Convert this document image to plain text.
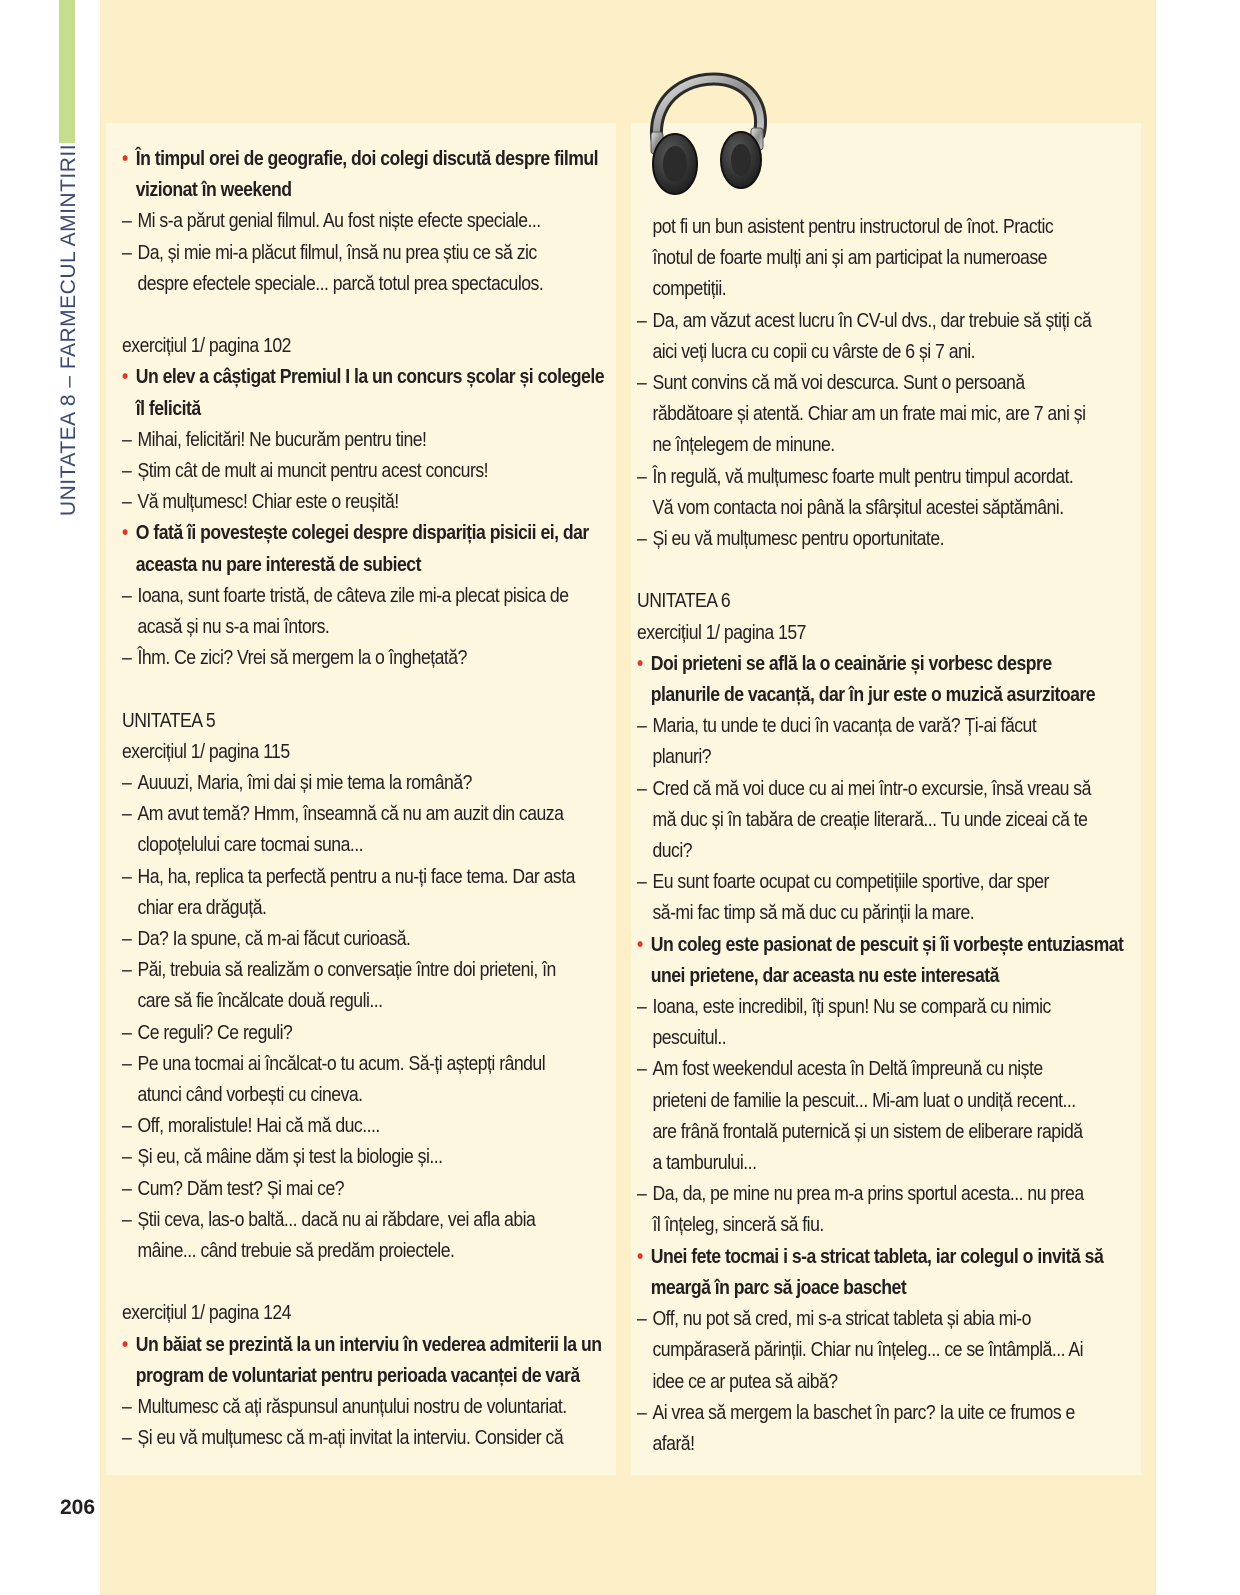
UNITATEA 8 – FARMECUL AMINTIRII
206
• În timpul orei de geografie, doi colegi discută despre filmul
vizionat în weekend
– Mi s-a părut genial filmul. Au fost niște efecte speciale...
– Da, și mie mi-a plăcut filmul, însă nu prea știu ce să zic
despre efectele speciale... parcă totul prea spectaculos.
exercițiul 1/ pagina 102
• Un elev a câștigat Premiul I la un concurs școlar și colegele
îl felicită
– Mihai, felicitări! Ne bucurăm pentru tine!
– Știm cât de mult ai muncit pentru acest concurs!
– Vă mulțumesc! Chiar este o reușită!
• O fată îi povestește colegei despre dispariția pisicii ei, dar
aceasta nu pare interestă de subiect
– Ioana, sunt foarte tristă, de câteva zile mi-a plecat pisica de
acasă și nu s-a mai întors.
– Îhm. Ce zici? Vrei să mergem la o înghețată?
UNITATEA 5
exercițiul 1/ pagina 115
– Auuuzi, Maria, îmi dai și mie tema la română?
– Am avut temă? Hmm, înseamnă că nu am auzit din cauza
clopoțelului care tocmai suna...
– Ha, ha, replica ta perfectă pentru a nu-ți face tema. Dar asta
chiar era drăguță.
– Da? Ia spune, că m-ai făcut curioasă.
– Păi, trebuia să realizăm o conversație între doi prieteni, în
care să fie încălcate două reguli...
– Ce reguli? Ce reguli?
– Pe una tocmai ai încălcat-o tu acum. Să-ți aștepți rândul
atunci când vorbești cu cineva.
– Off, moralistule! Hai că mă duc....
– Și eu, că mâine dăm și test la biologie și...
– Cum? Dăm test? Și mai ce?
– Știi ceva, las-o baltă... dacă nu ai răbdare, vei afla abia
mâine... când trebuie să predăm proiectele.
exercițiul 1/ pagina 124
• Un băiat se prezintă la un interviu în vederea admiterii la un
program de voluntariat pentru perioada vacanței de vară
– Multumesc că ați răspunsul anunțului nostru de voluntariat.
– Și eu vă mulțumesc că m-ați invitat la interviu. Consider că
pot fi un bun asistent pentru instructorul de înot. Practic
înotul de foarte mulți ani și am participat la numeroase
competiții.
– Da, am văzut acest lucru în CV-ul dvs., dar trebuie să știți că
aici veți lucra cu copii cu vârste de 6 și 7 ani.
– Sunt convins că mă voi descurca. Sunt o persoană
răbdătoare și atentă. Chiar am un frate mai mic, are 7 ani și
ne înțelegem de minune.
– În regulă, vă mulțumesc foarte mult pentru timpul acordat.
Vă vom contacta noi până la sfârșitul acestei săptămâni.
– Și eu vă mulțumesc pentru oportunitate.
UNITATEA 6
exercițiul 1/ pagina 157
• Doi prieteni se află la o ceainărie și vorbesc despre
planurile de vacanță, dar în jur este o muzică asurzitoare
– Maria, tu unde te duci în vacanța de vară? Ți-ai făcut
planuri?
– Cred că mă voi duce cu ai mei într-o excursie, însă vreau să
mă duc și în tabăra de creație literară... Tu unde ziceai că te
duci?
– Eu sunt foarte ocupat cu competițiile sportive, dar sper
să-mi fac timp să mă duc cu părinții la mare.
• Un coleg este pasionat de pescuit și îi vorbește entuziasmat
unei prietene, dar aceasta nu este interesată
– Ioana, este incredibil, îți spun! Nu se compară cu nimic
pescuitul..
– Am fost weekendul acesta în Deltă împreună cu niște
prieteni de familie la pescuit... Mi-am luat o undiță recent...
are frână frontală puternică și un sistem de eliberare rapidă
a tamburului...
– Da, da, pe mine nu prea m-a prins sportul acesta... nu prea
îl înțeleg, sinceră să fiu.
• Unei fete tocmai i s-a stricat tableta, iar colegul o invită să
meargă în parc să joace baschet
– Off, nu pot să cred, mi s-a stricat tableta și abia mi-o
cumpăraseră părinții. Chiar nu înțeleg... ce se întâmplă... Ai
idee ce ar putea să aibă?
– Ai vrea să mergem la baschet în parc? Ia uite ce frumos e
afară!
